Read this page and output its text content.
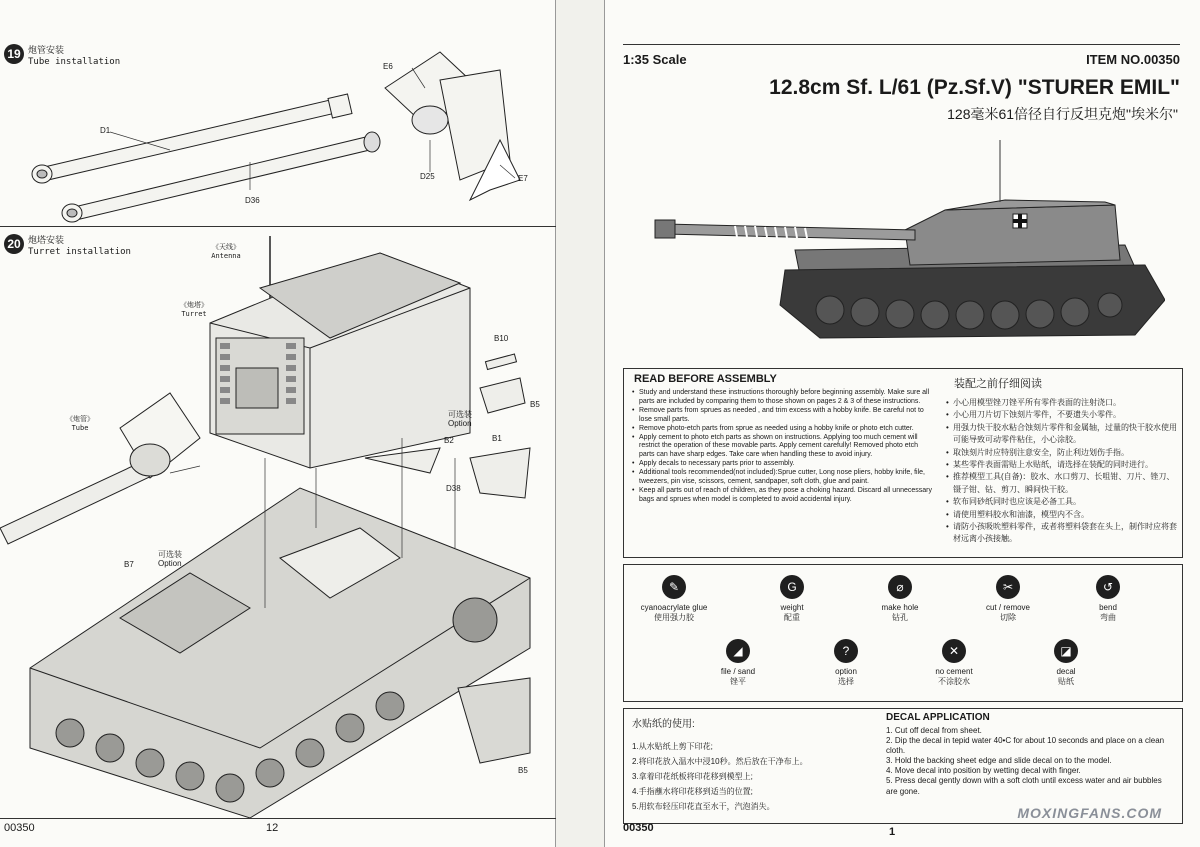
19 炮管安装
Tube installation	E6
E7
D1
D25
D36
20 炮塔安装
Turret installation	《天线》
Antenna
《炮塔》
Turret
《炮管》
Tube
B10
B5
B2	B1
D38
B7
B5
可选装
Option
可选装
Option
00350	12
1:35 Scale	ITEM NO.00350
12.8cm Sf. L/61 (Pz.Sf.V) "STURER EMIL"
128毫米61倍径自行反坦克炮"埃米尔"
READ BEFORE ASSEMBLY
• Study and understand these instructions thoroughly before beginning assembly. Make sure all parts are included by comparing them to those shown on pages 2 & 3 of these instructions.
• Remove parts from sprues as needed , and trim excess with a hobby knife. Be careful not to lose small parts.
• Remove photo-etch parts from sprue as needed using a hobby knife or photo etch cutter.
• Apply cement to photo etch parts as shown on instructions. Applying too much cement will restrict the operation of these movable parts. Apply cement carefully! Removed photo etch parts can have sharp edges. Take care when handling these to avoid injury.
• Apply decals to necessary parts prior to assembly.
• Additional tools recommended(not included):Sprue cutter, Long nose pliers, hobby knife, file, tweezers, pin vise, scissors, cement, sandpaper, soft cloth, glue and paint.
• Keep all parts out of reach of children, as they pose a choking hazard. Discard all unnecessary bags and sprues when model is completed to avoid accidental injury.
装配之前仔细阅读
• 小心用模型锉刀锉平所有零件表面的注射浇口。
• 小心用刀片切下蚀刻片零件，不要遗失小零件。
• 用强力快干胶水粘合蚀刻片零件和金属轴，过量的快干胶水使用可能导致可动零件粘住，小心涂胶。
• 取蚀刻片时应特别注意安全，防止利边划伤手指。
• 某些零件表面需贴上水贴纸，请选择在装配的同时进行。
• 推荐模型工具(自备)：胶水、水口剪刀、长咀钳、刀片、锉刀、镊子钳、钻、剪刀、瞬间快干胶。
• 软布同砂纸同时也应该是必备工具。
• 请使用塑料胶水和油漆，模型内不含。
• 请防小孩吸吮塑料零件，或者将塑料袋套在头上，制作时应将套材远离小孩接触。
✎
cyanoacrylate glue
使用强力胶
G
weight
配重
⌀
make hole
钻孔
✂
cut / remove
切除
↺
bend
弯曲
◢
file / sand
锉平
?
option
选择
✕
no cement
不涂胶水
◪
decal
贴纸
水贴纸的使用:
1.从水贴纸上剪下印花;
2.将印花放入温水中浸10秒。然后放在干净布上。
3.拿着印花纸板将印花移到模型上;
4.手指蘸水将印花移到适当的位置;
5.用软布轻压印花直至水干，汽泡消失。
DECAL APPLICATION
1. Cut off decal from sheet.
2. Dip the decal in tepid water 40•C for about 10 seconds and place on a clean cloth.
3. Hold the backing sheet edge and slide decal on to the model.
4. Move decal into position by wetting decal with finger.
5. Press decal gently down with a soft cloth until excess water and air bubbles are gone.
MOXINGFANS.COM
00350	1
